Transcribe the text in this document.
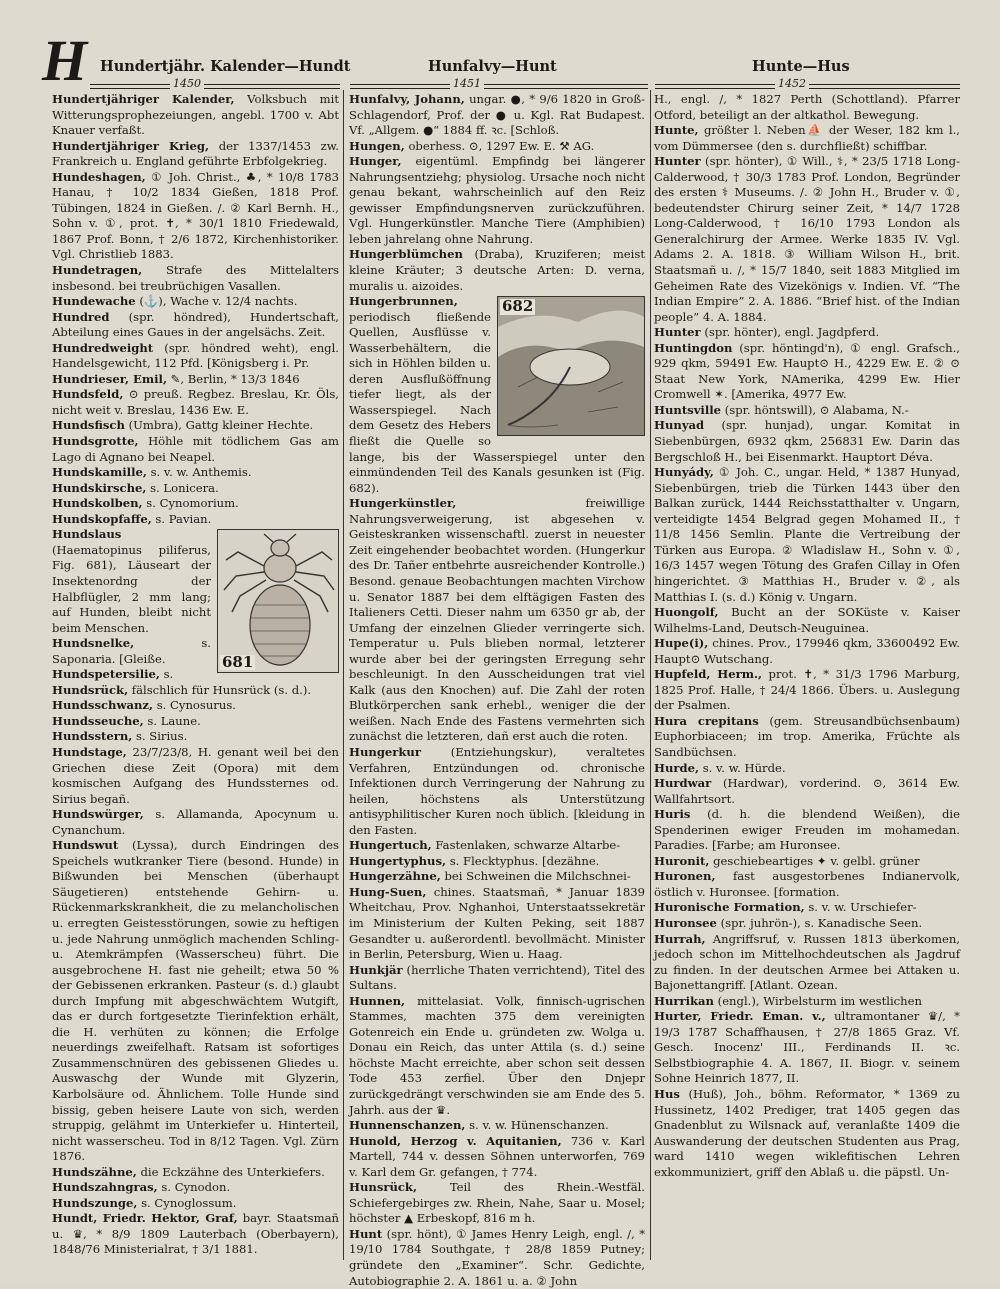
H Hundertjähr. Kalender—Hundt	Hunfalvy—Hunt	Hunte—Hus
1450	1451	1452
Hundertjähriger Kalender, Volksbuch mit Witterungsprophezeiungen, angebl. 1700 v. Abt Knauer verfaßt.
Hundertjähriger Krieg, der 1337/1453 zw. Frankreich u. England geführte Erbfolgekrieg.
Hundeshagen, ① Joh. Christ., ♣, * 10/8 1783 Hanau, † 10/2 1834 Gießen, 1818 Prof. Tübingen, 1824 in Gießen. /. ② Karl Bernh. H., Sohn v. ①, prot. ✝, * 30/1 1810 Friedewald, 1867 Prof. Bonn, † 2/6 1872, Kirchenhistoriker. Vgl. Christlieb 1883.
Hundetragen, Strafe des Mittelalters insbesond. bei treubrüchigen Vasallen.
Hundewache (⚓), Wache v. 12/4 nachts.
Hundred (spr. höndred), Hundertschaft, Abteilung eines Gaues in der angelsächs. Zeit.
Hundredweight (spr. höndred weht), engl. Handelsgewicht, 112 Pfd. [Königsberg i. Pr.
Hundrieser, Emil, ✎, Berlin, * 13/3 1846
Hundsfeld, ⊙ preuß. Regbez. Breslau, Kr. Öls, nicht weit v. Breslau, 1436 Ew. E.
Hundsfisch (Umbra), Gattg kleiner Hechte.
Hundsgrotte, Höhle mit tödlichem Gas am Lago di Agnano bei Neapel.
Hundskamille, s. v. w. Anthemis.
Hundskirsche, s. Lonicera.
Hundskolben, s. Cynomorium.
Hundskopfaffe, s. Pavian.
681
Hundslaus (Haematopinus piliferus, Fig. 681), Läuseart der Insektenordng der Halbflügler, 2 mm lang; auf Hunden, bleibt nicht beim Menschen.
Hundsnelke, s. Saponaria. [Gleiße.
Hundspetersilie, s.
Hundsrück, fälschlich für Hunsrück (s. d.).
Hundsschwanz, s. Cynosurus.
Hundsseuche, s. Laune.
Hundsstern, s. Sirius.
Hundstage, 23/7/23/8, H. genant weil bei den Griechen diese Zeit (Opora) mit dem kosmischen Aufgang des Hundssternes od. Sirius begañ.
Hundswürger, s. Allamanda, Apocynum u. Cynanchum.
Hundswut (Lyssa), durch Eindringen des Speichels wutkranker Tiere (besond. Hunde) in Bißwunden bei Menschen (überhaupt Säugetieren) entstehende Gehirn- u. Rückenmarkskrankheit, die zu melancholischen u. erregten Geistesstörungen, sowie zu heftigen u. jede Nahrung unmöglich machenden Schling- u. Atemkrämpfen (Wasserscheu) führt. Die ausgebrochene H. fast nie geheilt; etwa 50 % der Gebissenen erkranken. Pasteur (s. d.) glaubt durch Impfung mit abgeschwächtem Wutgift, das er durch fortgesetzte Tierinfektion erhält, die H. verhüten zu können; die Erfolge neuerdings zweifelhaft. Ratsam ist sofortiges Zusammenschnüren des gebissenen Gliedes u. Auswaschg der Wunde mit Glyzerin, Karbolsäure od. Ähnlichem. Tolle Hunde sind bissig, geben heisere Laute von sich, werden struppig, gelähmt im Unterkiefer u. Hinterteil, nicht wasserscheu. Tod in 8/12 Tagen. Vgl. Zürn 1876.
Hundszähne, die Eckzähne des Unterkiefers.
Hundszahngras, s. Cynodon.
Hundszunge, s. Cynoglossum.
Hundt, Friedr. Hektor, Graf, bayr. Staatsmañ u. ♛, * 8/9 1809 Lauterbach (Oberbayern), 1848/76 Ministerialrat, † 3/1 1881.
Hunfalvy, Johann, ungar. ●, * 9/6 1820 in Groß-Schlagendorf, Prof. der ● u. Kgl. Rat Budapest. Vf. „Allgem. ●“ 1884 ff. ꝛc. [Schloß.
Hungen, oberhess. ⊙, 1297 Ew. E. ⚒ AG.
Hunger, eigentüml. Empfindg bei längerer Nahrungsentziehg; physiolog. Ursache noch nicht genau bekant, wahrscheinlich auf den Reiz gewisser Empfindungsnerven zurückzuführen. Vgl. Hungerkünstler. Manche Tiere (Amphibien) leben jahrelang ohne Nahrung.
Hungerblümchen (Draba), Kruziferen; meist kleine Kräuter; 3 deutsche Arten: D. verna, muralis u. aizoides.
682
Hungerbrunnen, periodisch fließende Quellen, Ausflüsse v. Wasserbehältern, die sich in Höhlen bilden u. deren Ausflußöffnung tiefer liegt, als der Wasserspiegel. Nach dem Gesetz des Hebers fließt die Quelle so lange, bis der Wasserspiegel unter den einmündenden Teil des Kanals gesunken ist (Fig. 682).
Hungerkünstler, freiwillige Nahrungsverweigerung, ist abgesehen v. Geisteskranken wissenschaftl. zuerst in neuester Zeit eingehender beobachtet worden. (Hungerkur des Dr. Tañer entbehrte ausreichender Kontrolle.) Besond. genaue Beobachtungen machten Virchow u. Senator 1887 bei dem elftägigen Fasten des Italieners Cetti. Dieser nahm um 6350 gr ab, der Umfang der einzelnen Glieder verringerte sich. Temperatur u. Puls blieben normal, letzterer wurde aber bei der geringsten Erregung sehr beschleunigt. In den Ausscheidungen trat viel Kalk (aus den Knochen) auf. Die Zahl der roten Blutkörperchen sank erhebl., weniger die der weißen. Nach Ende des Fastens vermehrten sich zunächst die letzteren, dañ erst auch die roten.
Hungerkur (Entziehungskur), veraltetes Verfahren, Entzündungen od. chronische Infektionen durch Verringerung der Nahrung zu heilen, höchstens als Unterstützung antisyphilitischer Kuren noch üblich. [kleidung in den Fasten.
Hungertuch, Fastenlaken, schwarze Altarbe-
Hungertyphus, s. Flecktyphus. [dezähne.
Hungerzähne, bei Schweinen die Milchschnei-
Hung-Suen, chines. Staatsmañ, * Januar 1839 Wheitchau, Prov. Nghanhoi, Unterstaatssekretär im Ministerium der Kulten Peking, seit 1887 Gesandter u. außerordentl. bevollmächt. Minister in Berlin, Petersburg, Wien u. Haag.
Hunkjär (herrliche Thaten verrichtend), Titel des Sultans.
Hunnen, mittelasiat. Volk, finnisch-ugrischen Stammes, machten 375 dem vereinigten Gotenreich ein Ende u. gründeten zw. Wolga u. Donau ein Reich, das unter Attila (s. d.) seine höchste Macht erreichte, aber schon seit dessen Tode 453 zerfiel. Über den Dnjepr zurückgedrängt verschwinden sie am Ende des 5. Jahrh. aus der ♛.
Hunnenschanzen, s. v. w. Hünenschanzen.
Hunold, Herzog v. Aquitanien, 736 v. Karl Martell, 744 v. dessen Söhnen unterworfen, 769 v. Karl dem Gr. gefangen, † 774.
Hunsrück, Teil des Rhein.-Westfäl. Schiefergebirges zw. Rhein, Nahe, Saar u. Mosel; höchster ▲ Erbeskopf, 816 m h.
Hunt (spr. hönt), ① James Henry Leigh, engl. /, * 19/10 1784 Southgate, † 28/8 1859 Putney; gründete den „Examiner“. Schr. Gedichte, Autobiographie 2. A. 1861 u. a. ② John
H., engl. /, * 1827 Perth (Schottland). Pfarrer Otford, beteiligt an der altkathol. Bewegung.
Hunte, größter l. Neben⛵ der Weser, 182 km l., vom Dümmersee (den s. durchfließt) schiffbar.
Hunter (spr. hönter), ① Will., ⚕, * 23/5 1718 Long-Calderwood, † 30/3 1783 Prof. London, Begründer des ersten ⚕ Museums. /. ② John H., Bruder v. ①, bedeutendster Chirurg seiner Zeit, * 14/7 1728 Long-Calderwood, † 16/10 1793 London als Generalchirurg der Armee. Werke 1835 IV. Vgl. Adams 2. A. 1818. ③ William Wilson H., brit. Staatsmañ u. /, * 15/7 1840, seit 1883 Mitglied im Geheimen Rate des Vizekönigs v. Indien. Vf. “The Indian Empire” 2. A. 1886. “Brief hist. of the Indian people” 4. A. 1884.
Hunter (spr. hönter), engl. Jagdpferd.
Huntingdon (spr. höntingd'n), ① engl. Grafsch., 929 qkm, 59491 Ew. Haupt⊙ H., 4229 Ew. E. ② ⊙ Staat New York, NAmerika, 4299 Ew. Hier Cromwell ✶. [Amerika, 4977 Ew.
Huntsville (spr. höntswill), ⊙ Alabama, N.-
Hunyad (spr. hunjad), ungar. Komitat in Siebenbürgen, 6932 qkm, 256831 Ew. Darin das Bergschloß H., bei Eisenmarkt. Hauptort Déva.
Hunyády, ① Joh. C., ungar. Held, * 1387 Hunyad, Siebenbürgen, trieb die Türken 1443 über den Balkan zurück, 1444 Reichsstatthalter v. Ungarn, verteidigte 1454 Belgrad gegen Mohamed II., † 11/8 1456 Semlin. Plante die Vertreibung der Türken aus Europa. ② Wladislaw H., Sohn v. ①, 16/3 1457 wegen Tötung des Grafen Cillay in Ofen hingerichtet. ③ Matthias H., Bruder v. ②, als Matthias I. (s. d.) König v. Ungarn.
Huongolf, Bucht an der SOKüste v. Kaiser Wilhelms-Land, Deutsch-Neuguinea.
Hupe(i), chines. Prov., 179946 qkm, 33600492 Ew. Haupt⊙ Wutschang.
Hupfeld, Herm., prot. ✝, * 31/3 1796 Marburg, 1825 Prof. Halle, † 24/4 1866. Übers. u. Auslegung der Psalmen.
Hura crepitans (gem. Streusandbüchsenbaum) Euphorbiaceen; im trop. Amerika, Früchte als Sandbüchsen.
Hurde, s. v. w. Hürde.
Hurdwar (Hardwar), vorderind. ⊙, 3614 Ew. Wallfahrtsort.
Huris (d. h. die blendend Weißen), die Spenderinen ewiger Freuden im mohamedan. Paradies. [Farbe; am Huronsee.
Huronit, geschiebeartiges ✦ v. gelbl. grüner
Huronen, fast ausgestorbenes Indianervolk, östlich v. Huronsee. [formation.
Huronische Formation, s. v. w. Urschiefer-
Huronsee (spr. juhrön-), s. Kanadische Seen.
Hurrah, Angriffsruf, v. Russen 1813 überkomen, jedoch schon im Mittelhochdeutschen als Jagdruf zu finden. In der deutschen Armee bei Attaken u. Bajonettangriff. [Atlant. Ozean.
Hurrikan (engl.), Wirbelsturm im westlichen
Hurter, Friedr. Eman. v., ultramontaner ♛/, * 19/3 1787 Schaffhausen, † 27/8 1865 Graz. Vf. Gesch. Inocenz' III., Ferdinands II. ꝛc. Selbstbiographie 4. A. 1867, II. Biogr. v. seinem Sohne Heinrich 1877, II.
Hus (Huß), Joh., böhm. Reformator, * 1369 zu Hussinetz, 1402 Prediger, trat 1405 gegen das Gnadenblut zu Wilsnack auf, veranlaßte 1409 die Auswanderung der deutschen Studenten aus Prag, ward 1410 wegen wiklefitischen Lehren exkommuniziert, griff den Ablaß u. die päpstl. Un-
